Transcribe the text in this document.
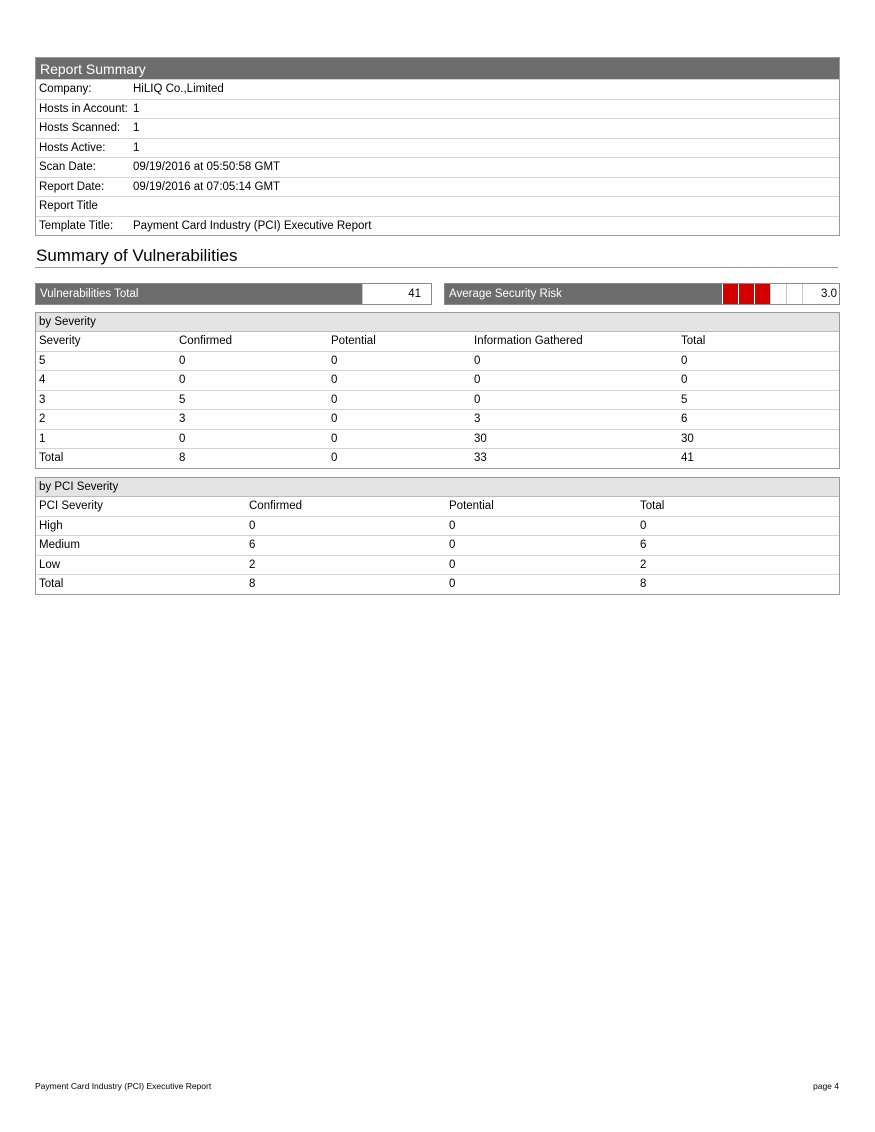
Report Summary
Company:	HiLIQ Co.,Limited
Hosts in Account: 1
Hosts Scanned: 1
Hosts Active: 1
Scan Date:	09/19/2016 at 05:50:58 GMT
Report Date:	09/19/2016 at 07:05:14 GMT
Report Title
Template Title: Payment Card Industry (PCI) Executive Report
Summary of Vulnerabilities
Vulnerabilities Total	41	Average Security Risk	3.0
by Severity
Severity	Confirmed	Potential	Information Gathered	Total
5	0	0	0	0
4	0	0	0	0
3	5	0	0	5
2	3	0	3	6
1	0	0	30	30
Total	8	0	33	41
by PCI Severity
PCI Severity	Confirmed	Potential	Total
High	0	0	0
Medium	6	0	6
Low	2	0	2
Total	8	0	8
Payment Card Industry (PCI) Executive Report	page 4
